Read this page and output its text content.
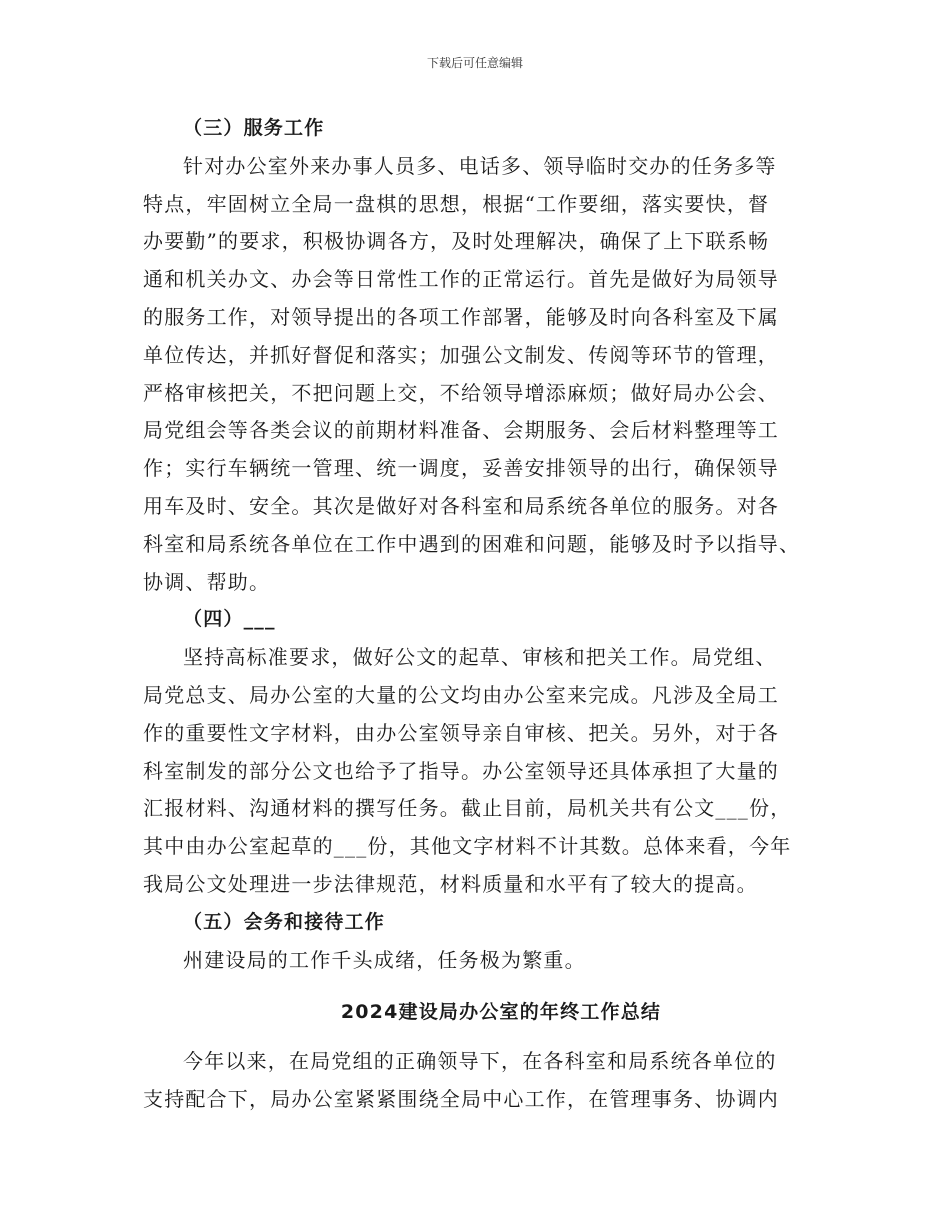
下载后可任意编辑
（三）服务工作
针对办公室外来办事人员多、电话多、领导临时交办的任务多等
特点，牢固树立全局一盘棋的思想，根据“工作要细，落实要快，督
办要勤”的要求，积极协调各方，及时处理解决，确保了上下联系畅
通和机关办文、办会等日常性工作的正常运行。首先是做好为局领导
的服务工作，对领导提出的各项工作部署，能够及时向各科室及下属
单位传达，并抓好督促和落实；加强公文制发、传阅等环节的管理，
严格审核把关，不把问题上交，不给领导增添麻烦；做好局办公会、
局党组会等各类会议的前期材料准备、会期服务、会后材料整理等工
作；实行车辆统一管理、统一调度，妥善安排领导的出行，确保领导
用车及时、安全。其次是做好对各科室和局系统各单位的服务。对各
科室和局系统各单位在工作中遇到的困难和问题，能够及时予以指导、
协调、帮助。
（四）___
坚持高标准要求，做好公文的起草、审核和把关工作。局党组、
局党总支、局办公室的大量的公文均由办公室来完成。凡涉及全局工
作的重要性文字材料，由办公室领导亲自审核、把关。另外，对于各
科室制发的部分公文也给予了指导。办公室领导还具体承担了大量的
汇报材料、沟通材料的撰写任务。截止目前，局机关共有公文___份，
其中由办公室起草的___份，其他文字材料不计其数。总体来看，今年
我局公文处理进一步法律规范，材料质量和水平有了较大的提高。
（五）会务和接待工作
州建设局的工作千头成绪，任务极为繁重。
2024建设局办公室的年终工作总结
今年以来，在局党组的正确领导下，在各科室和局系统各单位的
支持配合下，局办公室紧紧围绕全局中心工作，在管理事务、协调内
